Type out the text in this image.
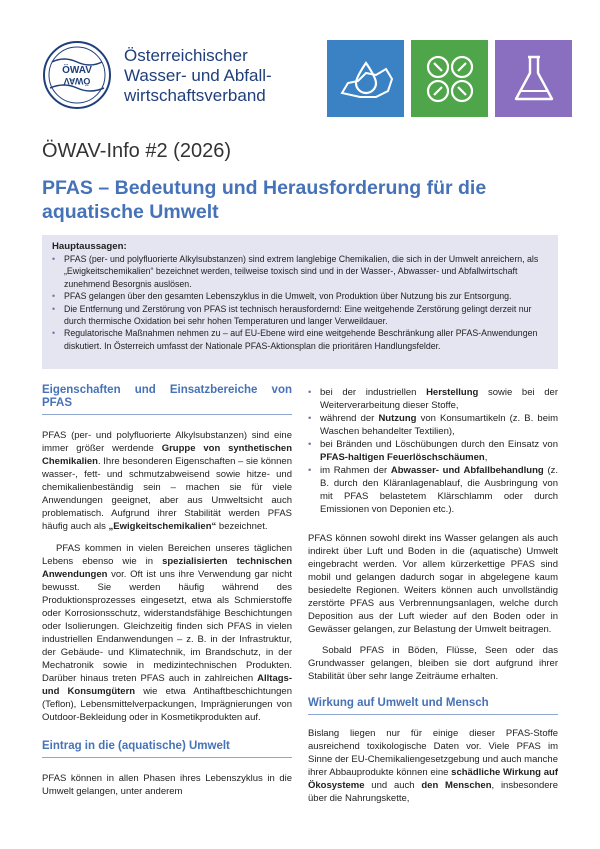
ÖWAV
ÖWAV
Österreichischer
Wasser- und Abfall-
wirtschaftsverband
ÖWAV-Info #2 (2026)
PFAS – Bedeutung und Herausforderung für die aquatische Umwelt
Hauptaussagen:
• PFAS (per- und polyfluorierte Alkylsubstanzen) sind extrem langlebige Chemikalien, die sich in der Umwelt anreichern, als „Ewigkeitschemikalien“ bezeichnet werden, teilweise toxisch sind und in der Wasser-, Abwasser- und Abfallwirtschaft zunehmend Besorgnis auslösen.
• PFAS gelangen über den gesamten Lebenszyklus in die Umwelt, von Produktion über Nutzung bis zur Entsorgung.
• Die Entfernung und Zerstörung von PFAS ist technisch herausfordernd: Eine weitgehende Zerstörung gelingt derzeit nur durch thermische Oxidation bei sehr hohen Temperaturen und langer Verweildauer.
• Regulatorische Maßnahmen nehmen zu – auf EU-Ebene wird eine weitgehende Beschränkung aller PFAS-Anwendungen diskutiert. In Österreich umfasst der Nationale PFAS-Aktionsplan die prioritären Handlungsfelder.
Eigenschaften und Einsatzbereiche von PFAS

PFAS (per- und polyfluorierte Alkylsubstanzen) sind eine immer größer werdende Gruppe von synthetischen Chemikalien. Ihre besonderen Eigenschaften – sie können wasser-, fett- und schmutzabweisend sowie hitze- und chemikalienbeständig sein – machen sie für viele Anwendungen geeignet, aber aus Umweltsicht auch problematisch. Aufgrund ihrer Stabilität werden PFAS häufig auch als „Ewigkeitschemikalien“ bezeichnet.

PFAS kommen in vielen Bereichen unseres täglichen Lebens ebenso wie in spezialisierten technischen Anwendungen vor. Oft ist uns ihre Verwendung gar nicht bewusst. Sie werden häufig während des Produktionsprozesses eingesetzt, etwa als Schmierstoffe oder Korrosionsschutz, widerstandsfähige Beschichtungen oder Isolierungen. Gleichzeitig finden sich PFAS in vielen industriellen Endanwendungen – z. B. in der Infrastruktur, der Gebäude- und Klimatechnik, im Brandschutz, in der Mechatronik sowie in medizintechnischen Produkten. Darüber hinaus treten PFAS auch in zahlreichen Alltags- und Konsumgütern wie etwa Antihaftbeschichtungen (Teflon), Lebensmittelverpackungen, Imprägnierungen von Outdoor-Bekleidung oder in Kosmetikprodukten auf.

Eintrag in die (aquatische) Umwelt

PFAS können in allen Phasen ihres Lebenszyklus in die Umwelt gelangen, unter anderem

• bei der industriellen Herstellung sowie bei der Weiterverarbeitung dieser Stoffe,
• während der Nutzung von Konsumartikeln (z. B. beim Waschen behandelter Textilien),
• bei Bränden und Löschübungen durch den Einsatz von PFAS-haltigen Feuerlöschschäumen,
• im Rahmen der Abwasser- und Abfallbehandlung (z. B. durch den Kläranlagenablauf, die Ausbringung von mit PFAS belastetem Klärschlamm oder durch Emissionen von Deponien etc.).

PFAS können sowohl direkt ins Wasser gelangen als auch indirekt über Luft und Boden in die (aquatische) Umwelt eingebracht werden. Vor allem kürzerkettige PFAS sind mobil und gelangen dadurch sogar in abgelegene kaum besiedelte Regionen. Weiters können auch unvollständig zerstörte PFAS aus Verbrennungsanlagen, welche durch Deposition aus der Luft wieder auf den Boden oder in Gewässer gelangen, zur Belastung der Umwelt beitragen.

Sobald PFAS in Böden, Flüsse, Seen oder das Grundwasser gelangen, bleiben sie dort aufgrund ihrer Stabilität über sehr lange Zeiträume erhalten.

Wirkung auf Umwelt und Mensch

Bislang liegen nur für einige dieser PFAS-Stoffe ausreichend toxikologische Daten vor. Viele PFAS im Sinne der EU-Chemikaliengesetzgebung und auch manche ihrer Abbauprodukte können eine schädliche Wirkung auf Ökosysteme und auch den Menschen, insbesondere über die Nahrungskette,
